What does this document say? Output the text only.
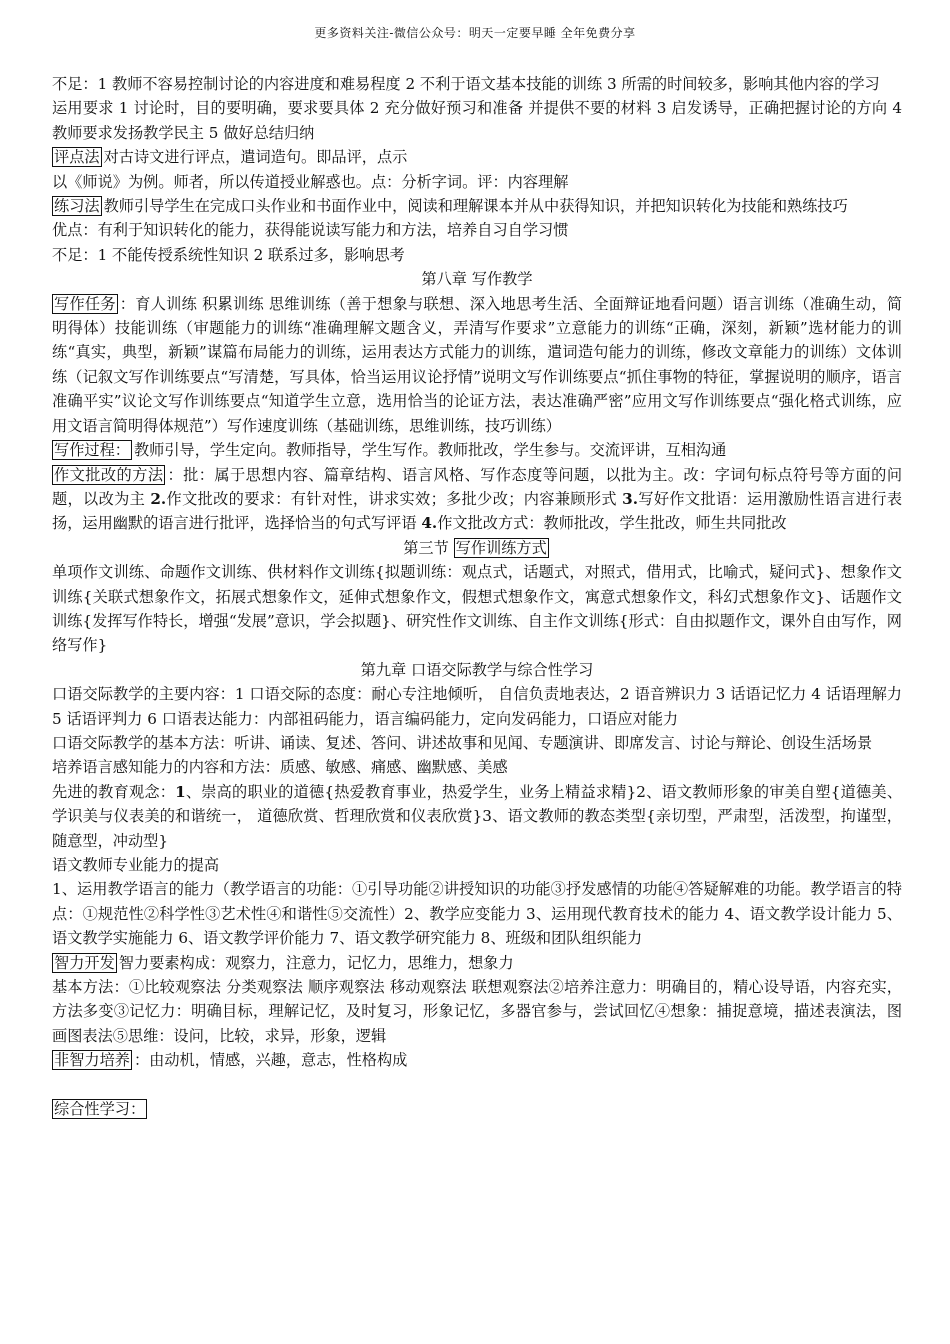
更多资料关注-微信公众号：明天一定要早睡 全年免费分享

不足：1 教师不容易控制讨论的内容进度和难易程度 2 不利于语文基本技能的训练 3 所需的时间较多，影响其他内容的学习

运用要求 1 讨论时，目的要明确，要求要具体 2 充分做好预习和准备 并提供不要的材料 3 启发诱导，正确把握讨论的方向 4 教师要求发扬教学民主 5 做好总结归纳

评点法 对古诗文进行评点，遣词造句。即品评，点示

以《师说》为例。师者，所以传道授业解惑也。点：分析字词。评：内容理解

练习法 教师引导学生在完成口头作业和书面作业中，阅读和理解课本并从中获得知识，并把知识转化为技能和熟练技巧

优点：有利于知识转化的能力，获得能说读写能力和方法，培养自习自学习惯

不足：1 不能传授系统性知识 2 联系过多，影响思考

第八章 写作教学

写作任务 ：育人训练 积累训练 思维训练（善于想象与联想、深入地思考生活、全面辩证地看问题）语言训练（准确生动，简明得体）技能训练（审题能力的训练“准确理解文题含义，弄清写作要求”立意能力的训练“正确，深刻，新颖”选材能力的训练“真实，典型，新颖”谋篇布局能力的训练，运用表达方式能力的训练，遣词造句能力的训练，修改文章能力的训练）文体训练（记叙文写作训练要点“写清楚，写具体，恰当运用议论抒情”说明文写作训练要点“抓住事物的特征，掌握说明的顺序，语言准确平实”议论文写作训练要点“知道学生立意，选用恰当的论证方法，表达准确严密”应用文写作训练要点“强化格式训练，应用文语言简明得体规范”）写作速度训练（基础训练，思维训练，技巧训练）

写作过程： 教师引导，学生定向。教师指导，学生写作。教师批改，学生参与。交流评讲，互相沟通

作文批改的方法 ：批：属于思想内容、篇章结构、语言风格、写作态度等问题，以批为主。改：字词句标点符号等方面的问题，以改为主 2.作文批改的要求：有针对性，讲求实效；多批少改；内容兼顾形式 3.写好作文批语：运用激励性语言进行表扬，运用幽默的语言进行批评，选择恰当的句式写评语 4.作文批改方式：教师批改，学生批改，师生共同批改

第三节 写作训练方式

单项作文训练、命题作文训练、供材料作文训练{拟题训练：观点式，话题式，对照式，借用式，比喻式，疑问式}、想象作文训练{关联式想象作文，拓展式想象作文，延伸式想象作文，假想式想象作文，寓意式想象作文，科幻式想象作文}、话题作文训练{发挥写作特长，增强“发展”意识，学会拟题}、研究性作文训练、自主作文训练{形式：自由拟题作文，课外自由写作，网络写作}

第九章 口语交际教学与综合性学习

口语交际教学的主要内容：1 口语交际的态度：耐心专注地倾听， 自信负责地表达，2 语音辨识力 3 话语记忆力 4 话语理解力 5 话语评判力 6 口语表达能力：内部祖码能力，语言编码能力，定向发码能力，口语应对能力

口语交际教学的基本方法：听讲、诵读、复述、答问、讲述故事和见闻、专题演讲、即席发言、讨论与辩论、创设生活场景

培养语言感知能力的内容和方法：质感、敏感、痛感、幽默感、美感

先进的教育观念：1、崇高的职业的道德{热爱教育事业，热爱学生，业务上精益求精}2、语文教师形象的审美自塑{道德美、学识美与仪表美的和谐统一， 道德欣赏、哲理欣赏和仪表欣赏}3、语文教师的教态类型{亲切型，严肃型，活泼型，拘谨型，随意型，冲动型}

语文教师专业能力的提高

1、运用教学语言的能力（教学语言的功能：①引导功能②讲授知识的功能③抒发感情的功能④答疑解难的功能。教学语言的特点：①规范性②科学性③艺术性④和谐性⑤交流性）2、教学应变能力 3、运用现代教育技术的能力 4、语文教学设计能力 5、语文教学实施能力 6、语文教学评价能力 7、语文教学研究能力 8、班级和团队组织能力

智力开发 智力要素构成：观察力，注意力，记忆力，思维力，想象力

基本方法：①比较观察法 分类观察法 顺序观察法 移动观察法 联想观察法②培养注意力：明确目的，精心设导语，内容充实，方法多变③记忆力：明确目标，理解记忆，及时复习，形象记忆，多器官参与，尝试回忆④想象：捕捉意境，描述表演法，图画图表法⑤思维：设问，比较，求异，形象，逻辑

非智力培养 ：由动机，情感，兴趣，意志，性格构成

综合性学习：
